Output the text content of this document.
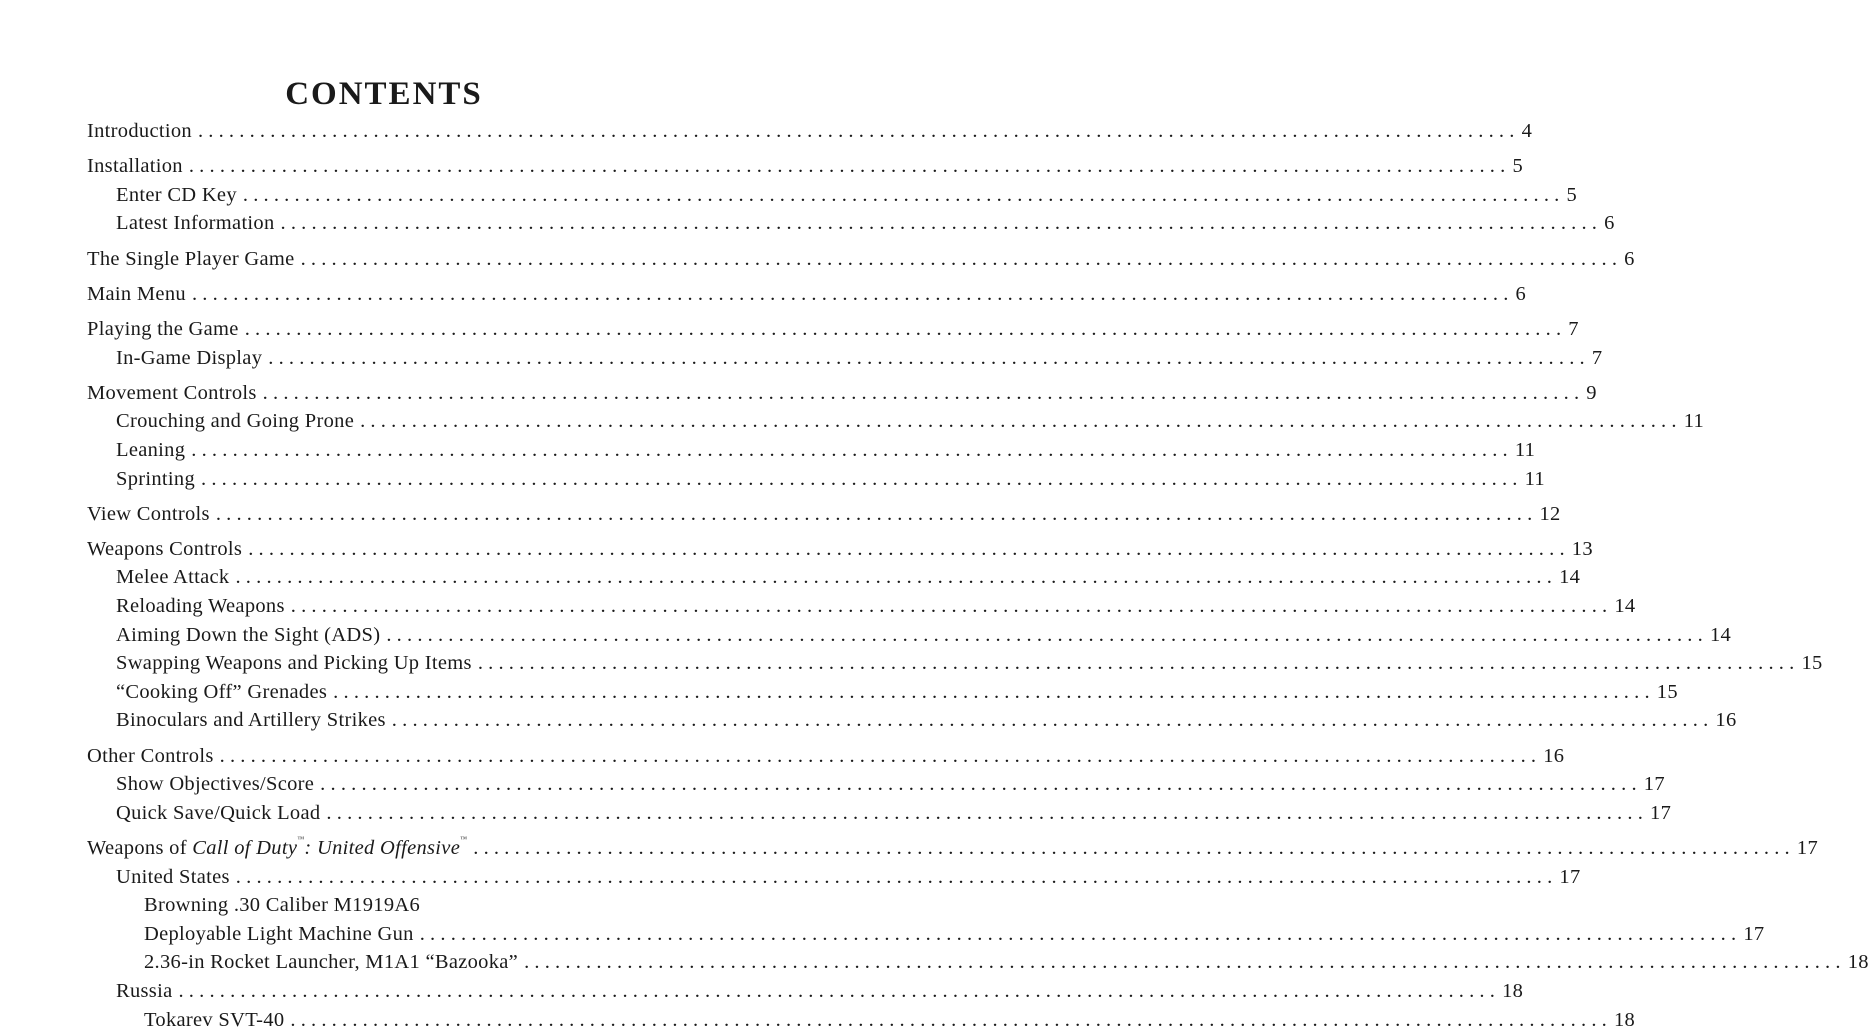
CONTENTS
Introduction ................................................................................................................................ 4
Installation ................................................................................................................................ 5
Enter CD Key ................................................................................................................................ 5
Latest Information ................................................................................................................................ 6
The Single Player Game ................................................................................................................................ 6
Main Menu ................................................................................................................................ 6
Playing the Game ................................................................................................................................ 7
In-Game Display ................................................................................................................................ 7
Movement Controls ................................................................................................................................ 9
Crouching and Going Prone ................................................................................................................................ 11
Leaning ................................................................................................................................ 11
Sprinting ................................................................................................................................ 11
View Controls ................................................................................................................................ 12
Weapons Controls ................................................................................................................................ 13
Melee Attack ................................................................................................................................ 14
Reloading Weapons ................................................................................................................................ 14
Aiming Down the Sight (ADS) ................................................................................................................................ 14
Swapping Weapons and Picking Up Items ................................................................................................................................ 15
“Cooking Off” Grenades ................................................................................................................................ 15
Binoculars and Artillery Strikes ................................................................................................................................ 16
Other Controls ................................................................................................................................ 16
Show Objectives/Score ................................................................................................................................ 17
Quick Save/Quick Load ................................................................................................................................ 17
Weapons of Call of Duty™: United Offensive™ ................................................................................................................................ 17
United States ................................................................................................................................ 17
Browning .30 Caliber M1919A6
Deployable Light Machine Gun ................................................................................................................................ 17
2.36-in Rocket Launcher, M1A1 “Bazooka” ................................................................................................................................ 18
Russia ................................................................................................................................ 18
Tokarev SVT-40 ................................................................................................................................ 18
